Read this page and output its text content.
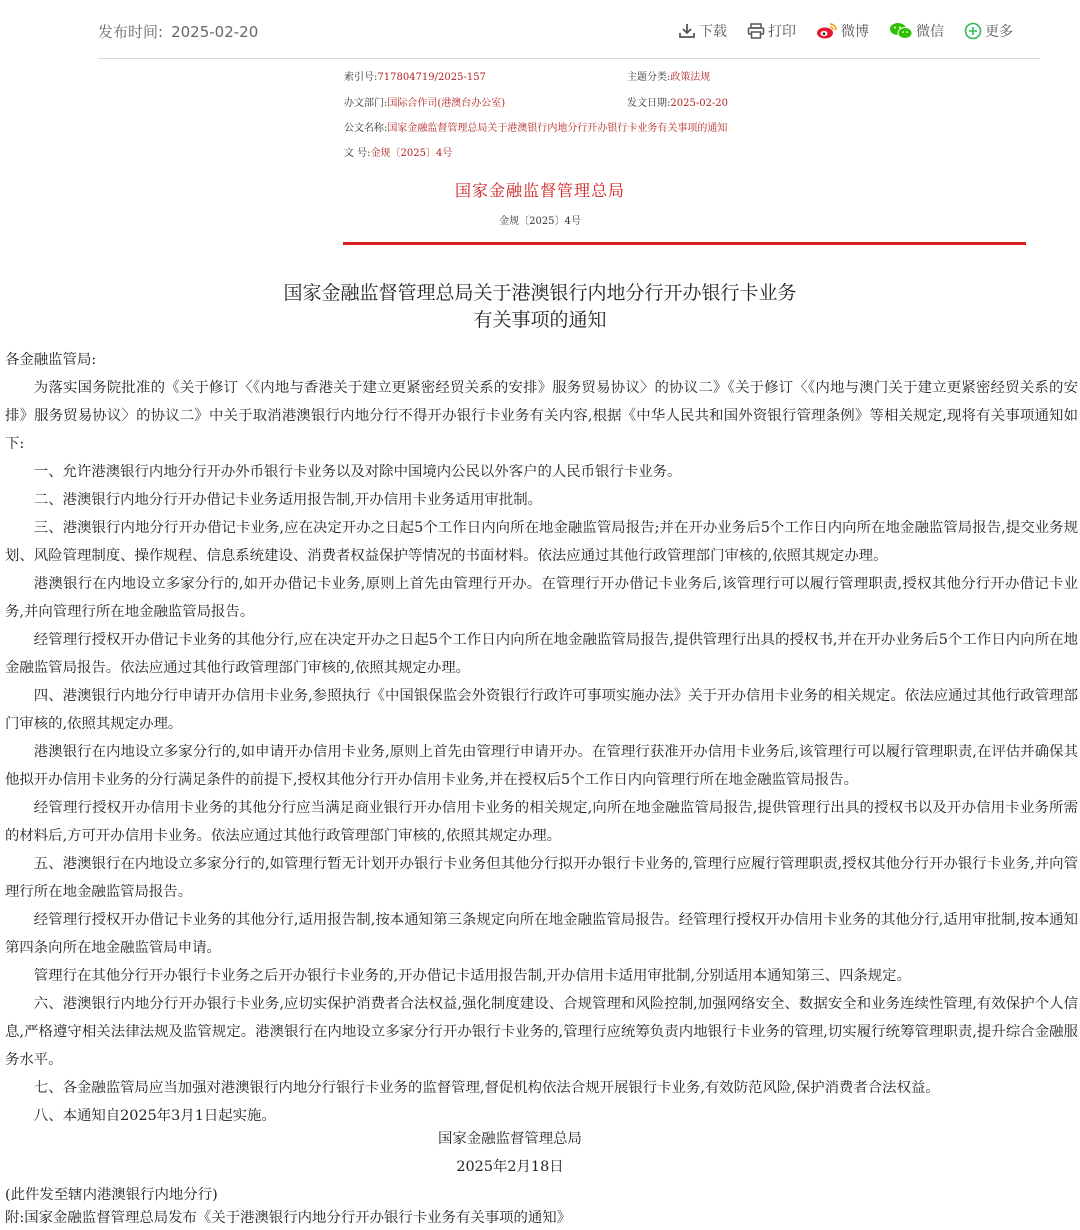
发布时间: 2025-02-20	下载	打印	微博	微信	更多
索引号:717804719/2025-157	主题分类:政策法规
办文部门:国际合作司(港澳台办公室)	发文日期:2025-02-20
公文名称:国家金融监督管理总局关于港澳银行内地分行开办银行卡业务有关事项的通知
文 号:金规〔2025〕4号
国家金融监督管理总局
金规〔2025〕4号
国家金融监督管理总局关于港澳银行内地分行开办银行卡业务
有关事项的通知

各金融监管局:

为落实国务院批准的《关于修订〈《内地与香港关于建立更紧密经贸关系的安排》服务贸易协议〉的协议二》《关于修订〈《内地与澳门关于建立更紧密经贸关系的安排》服务贸易协议〉的协议二》中关于取消港澳银行内地分行不得开办银行卡业务有关内容,根据《中华人民共和国外资银行管理条例》等相关规定,现将有关事项通知如下:

一、允许港澳银行内地分行开办外币银行卡业务以及对除中国境内公民以外客户的人民币银行卡业务。

二、港澳银行内地分行开办借记卡业务适用报告制,开办信用卡业务适用审批制。

三、港澳银行内地分行开办借记卡业务,应在决定开办之日起5个工作日内向所在地金融监管局报告;并在开办业务后5个工作日内向所在地金融监管局报告,提交业务规划、风险管理制度、操作规程、信息系统建设、消费者权益保护等情况的书面材料。依法应通过其他行政管理部门审核的,依照其规定办理。

港澳银行在内地设立多家分行的,如开办借记卡业务,原则上首先由管理行开办。在管理行开办借记卡业务后,该管理行可以履行管理职责,授权其他分行开办借记卡业务,并向管理行所在地金融监管局报告。

经管理行授权开办借记卡业务的其他分行,应在决定开办之日起5个工作日内向所在地金融监管局报告,提供管理行出具的授权书,并在开办业务后5个工作日内向所在地金融监管局报告。依法应通过其他行政管理部门审核的,依照其规定办理。

四、港澳银行内地分行申请开办信用卡业务,参照执行《中国银保监会外资银行行政许可事项实施办法》关于开办信用卡业务的相关规定。依法应通过其他行政管理部门审核的,依照其规定办理。

港澳银行在内地设立多家分行的,如申请开办信用卡业务,原则上首先由管理行申请开办。在管理行获准开办信用卡业务后,该管理行可以履行管理职责,在评估并确保其他拟开办信用卡业务的分行满足条件的前提下,授权其他分行开办信用卡业务,并在授权后5个工作日内向管理行所在地金融监管局报告。

经管理行授权开办信用卡业务的其他分行应当满足商业银行开办信用卡业务的相关规定,向所在地金融监管局报告,提供管理行出具的授权书以及开办信用卡业务所需的材料后,方可开办信用卡业务。依法应通过其他行政管理部门审核的,依照其规定办理。

五、港澳银行在内地设立多家分行的,如管理行暂无计划开办银行卡业务但其他分行拟开办银行卡业务的,管理行应履行管理职责,授权其他分行开办银行卡业务,并向管理行所在地金融监管局报告。

经管理行授权开办借记卡业务的其他分行,适用报告制,按本通知第三条规定向所在地金融监管局报告。经管理行授权开办信用卡业务的其他分行,适用审批制,按本通知第四条向所在地金融监管局申请。

管理行在其他分行开办银行卡业务之后开办银行卡业务的,开办借记卡适用报告制,开办信用卡适用审批制,分别适用本通知第三、四条规定。

六、港澳银行内地分行开办银行卡业务,应切实保护消费者合法权益,强化制度建设、合规管理和风险控制,加强网络安全、数据安全和业务连续性管理,有效保护个人信息,严格遵守相关法律法规及监管规定。港澳银行在内地设立多家分行开办银行卡业务的,管理行应统筹负责内地银行卡业务的管理,切实履行统筹管理职责,提升综合金融服务水平。

七、各金融监管局应当加强对港澳银行内地分行银行卡业务的监督管理,督促机构依法合规开展银行卡业务,有效防范风险,保护消费者合法权益。

八、本通知自2025年3月1日起实施。

国家金融监督管理总局
2025年2月18日
(此件发至辖内港澳银行内地分行)
附:国家金融监督管理总局发布《关于港澳银行内地分行开办银行卡业务有关事项的通知》
